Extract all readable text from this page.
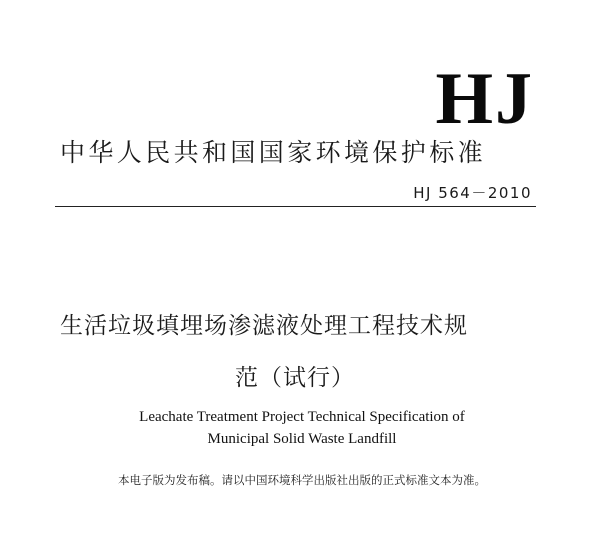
HJ
中华人民共和国国家环境保护标准
HJ 564－2010
生活垃圾填埋场渗滤液处理工程技术规
范（试行）
Leachate Treatment Project Technical Specification of
Municipal Solid Waste Landfill
本电子版为发布稿。请以中国环境科学出版社出版的正式标准文本为准。
